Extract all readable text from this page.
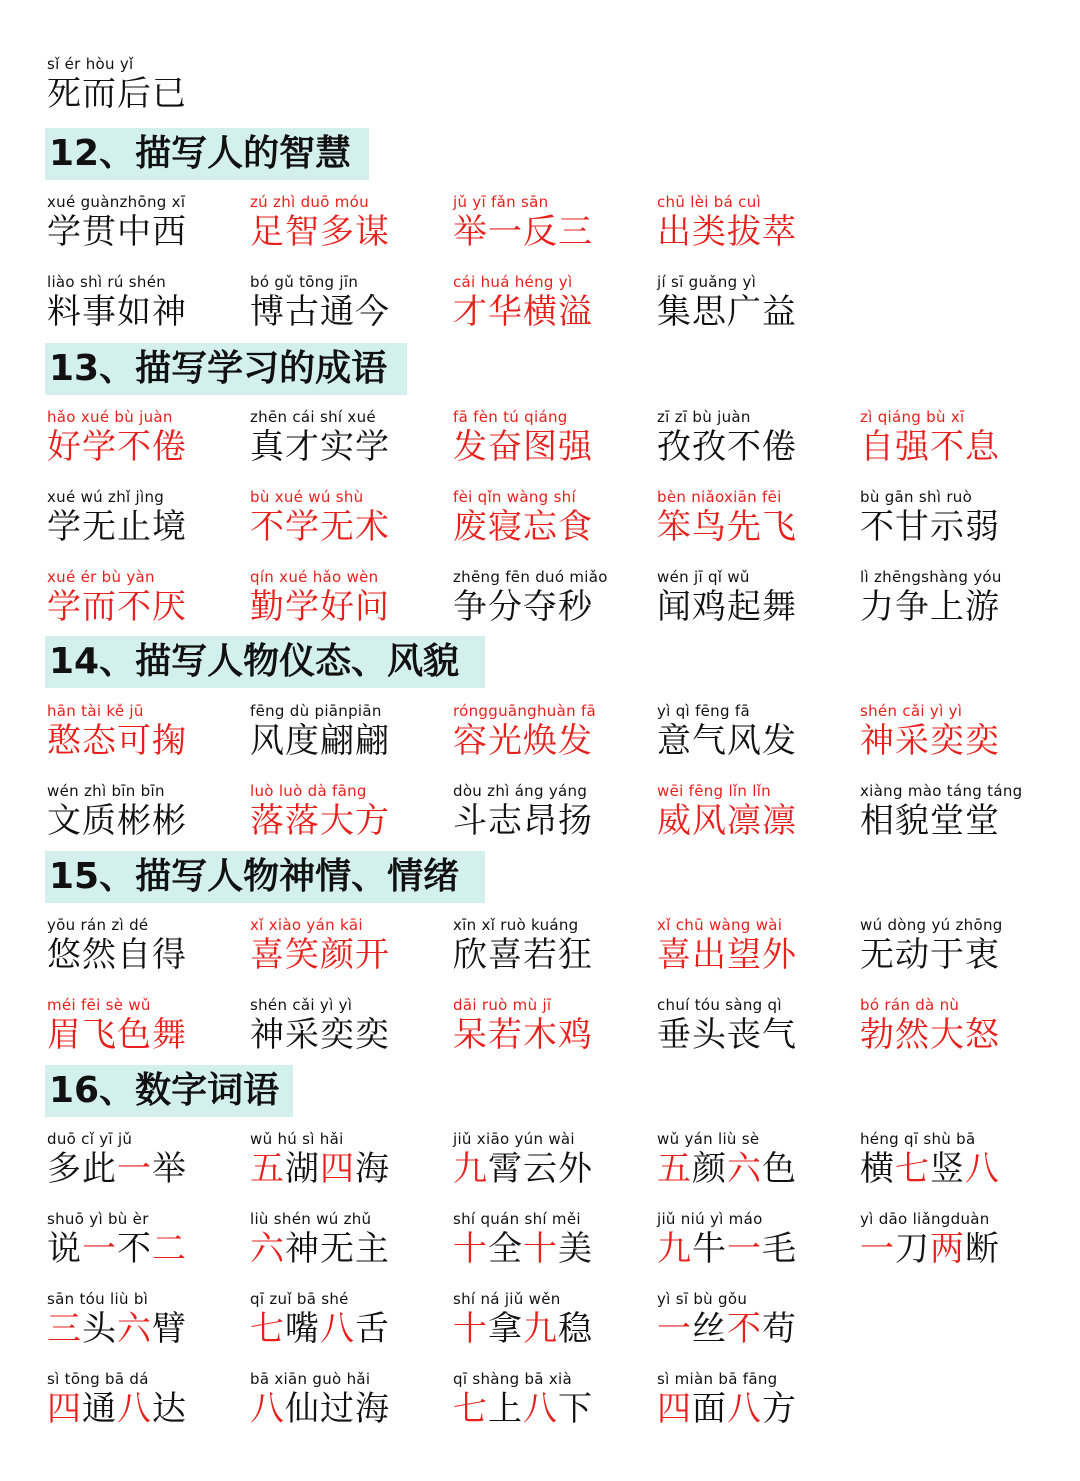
sǐ ér hòu yǐ
死而后已
12、描写人的智慧
xué guànzhōng xī
学贯中西
zú zhì duō móu
足智多谋
jǔ yī fǎn sān
举一反三
chū lèi bá cuì
出类拔萃
liào shì rú shén
料事如神
bó gǔ tōng jīn
博古通今
cái huá héng yì
才华横溢
jí sī guǎng yì
集思广益
13、描写学习的成语
hǎo xué bù juàn
好学不倦
zhēn cái shí xué
真才实学
fā fèn tú qiáng
发奋图强
zī zī bù juàn
孜孜不倦
zì qiáng bù xī
自强不息
xué wú zhǐ jìng
学无止境
bù xué wú shù
不学无术
fèi qǐn wàng shí
废寝忘食
bèn niǎoxiān fēi
笨鸟先飞
bù gān shì ruò
不甘示弱
xué ér bù yàn
学而不厌
qín xué hǎo wèn
勤学好问
zhēng fēn duó miǎo
争分夺秒
wén jī qǐ wǔ
闻鸡起舞
lì zhēngshàng yóu
力争上游
14、描写人物仪态、风貌
hān tài kě jū
憨态可掬
fēng dù piānpiān
风度翩翩
róngguānghuàn fā
容光焕发
yì qì fēng fā
意气风发
shén cǎi yì yì
神采奕奕
wén zhì bīn bīn
文质彬彬
luò luò dà fāng
落落大方
dòu zhì áng yáng
斗志昂扬
wēi fēng lǐn lǐn
威风凛凛
xiàng mào táng táng
相貌堂堂
15、描写人物神情、情绪
yōu rán zì dé
悠然自得
xǐ xiào yán kāi
喜笑颜开
xīn xǐ ruò kuáng
欣喜若狂
xǐ chū wàng wài
喜出望外
wú dòng yú zhōng
无动于衷
méi fēi sè wǔ
眉飞色舞
shén cǎi yì yì
神采奕奕
dāi ruò mù jī
呆若木鸡
chuí tóu sàng qì
垂头丧气
bó rán dà nù
勃然大怒
16、数字词语
duō cǐ yī jǔ
多此一举
wǔ hú sì hǎi
五湖四海
jiǔ xiāo yún wài
九霄云外
wǔ yán liù sè
五颜六色
héng qī shù bā
横七竖八
shuō yì bù èr
说一不二
liù shén wú zhǔ
六神无主
shí quán shí měi
十全十美
jiǔ niú yì máo
九牛一毛
yì dāo liǎngduàn
一刀两断
sān tóu liù bì
三头六臂
qī zuǐ bā shé
七嘴八舌
shí ná jiǔ wěn
十拿九稳
yì sī bù gǒu
一丝不苟
sì tōng bā dá
四通八达
bā xiān guò hǎi
八仙过海
qī shàng bā xià
七上八下
sì miàn bā fāng
四面八方
